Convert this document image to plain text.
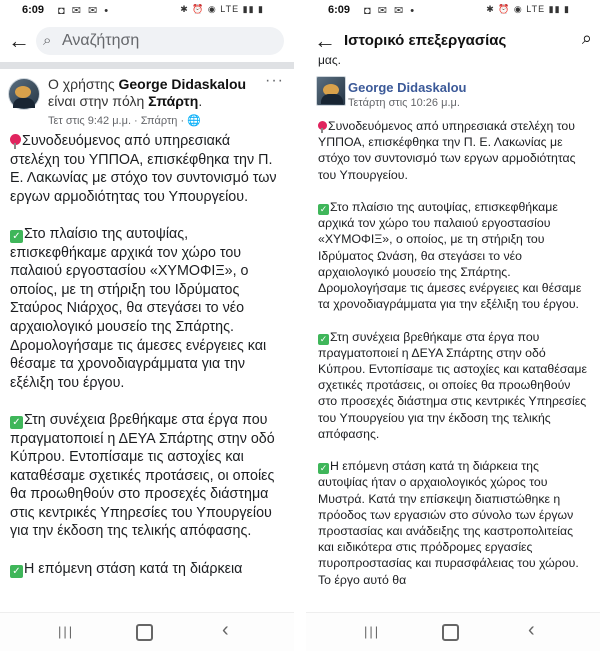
6:09 ◘ ✉ ✉ •	✱ ⏰ ◉ LTE ▮▮ ▮
← ⌕ Αναζήτηση
Ο χρήστης George Didaskalou
είναι στην πόλη Σπάρτη.
···
Τετ στις 9:42 μ.μ. · Σπάρτη · 🌐

Συνοδευόμενος από υπηρεσιακά στελέχη του ΥΠΠΟΑ, επισκέφθηκα την Π. Ε. Λακωνίας με στόχο τον συντονισμό των εργων αρμοδιότητας του Υπουργείου.

✓ Στο πλαίσιο της αυτοψίας, επισκεφθήκαμε αρχικά τον χώρο του παλαιού εργοστασίου «ΧΥΜΟΦΙΞ», ο οποίος, με τη στήριξη του Ιδρύματος Σταύρος Νιάρχος, θα στεγάσει το νέο αρχαιολογικό μουσείο της Σπάρτης. Δρομολογήσαμε τις άμεσες ενέργειες και θέσαμε τα χρονοδιαγράμματα για την εξέλιξη του έργου.

✓ Στη συνέχεια βρεθήκαμε στα έργα που πραγματοποιεί η ΔΕΥΑ Σπάρτης στην οδό Κύπρου. Εντοπίσαμε τις αστοχίες και καταθέσαμε σχετικές προτάσεις, οι οποίες θα προωθηθούν στο προσεχές διάστημα στις κεντρικές Υπηρεσίες του Υπουργείου για την έκδοση της τελικής απόφασης.

✓ Η επόμενη στάση κατά τη διάρκεια

|||	‹
6:09 ◘ ✉ ✉ •	✱ ⏰ ◉ LTE ▮▮ ▮
← Ιστορικό επεξεργασίας	⌕
μας.
George Didaskalou
Τετάρτη στις 10:26 μ.μ.

Συνοδευόμενος από υπηρεσιακά στελέχη του ΥΠΠΟΑ, επισκέφθηκα την Π. Ε. Λακωνίας με στόχο τον συντονισμό των εργων αρμοδιότητας του Υπουργείου.

✓ Στο πλαίσιο της αυτοψίας, επισκεφθήκαμε αρχικά τον χώρο του παλαιού εργοστασίου «ΧΥΜΟΦΙΞ», ο οποίος, με τη στήριξη του Ιδρύματος Ωνάση, θα στεγάσει το νέο αρχαιολογικό μουσείο της Σπάρτης. Δρομολογήσαμε τις άμεσες ενέργειες και θέσαμε τα χρονοδιαγράμματα για την εξέλιξη του έργου.

✓ Στη συνέχεια βρεθήκαμε στα έργα που πραγματοποιεί η ΔΕΥΑ Σπάρτης στην οδό Κύπρου. Εντοπίσαμε τις αστοχίες και καταθέσαμε σχετικές προτάσεις, οι οποίες θα προωθηθούν στο προσεχές διάστημα στις κεντρικές Υπηρεσίες του Υπουργείου για την έκδοση της τελικής απόφασης.

✓ Η επόμενη στάση κατά τη διάρκεια της αυτοψίας ήταν ο αρχαιολογικός χώρος του Μυστρά. Κατά την επίσκεψη διαπιστώθηκε η πρόοδος των εργασιών στο σύνολο των έργων προστασίας και ανάδειξης της καστροπολιτείας και ειδικότερα στις πρόδρομες εργασίες πυροπροστασίας και πυρασφάλειας του χώρου. Το έργο αυτό θα

|||	‹
